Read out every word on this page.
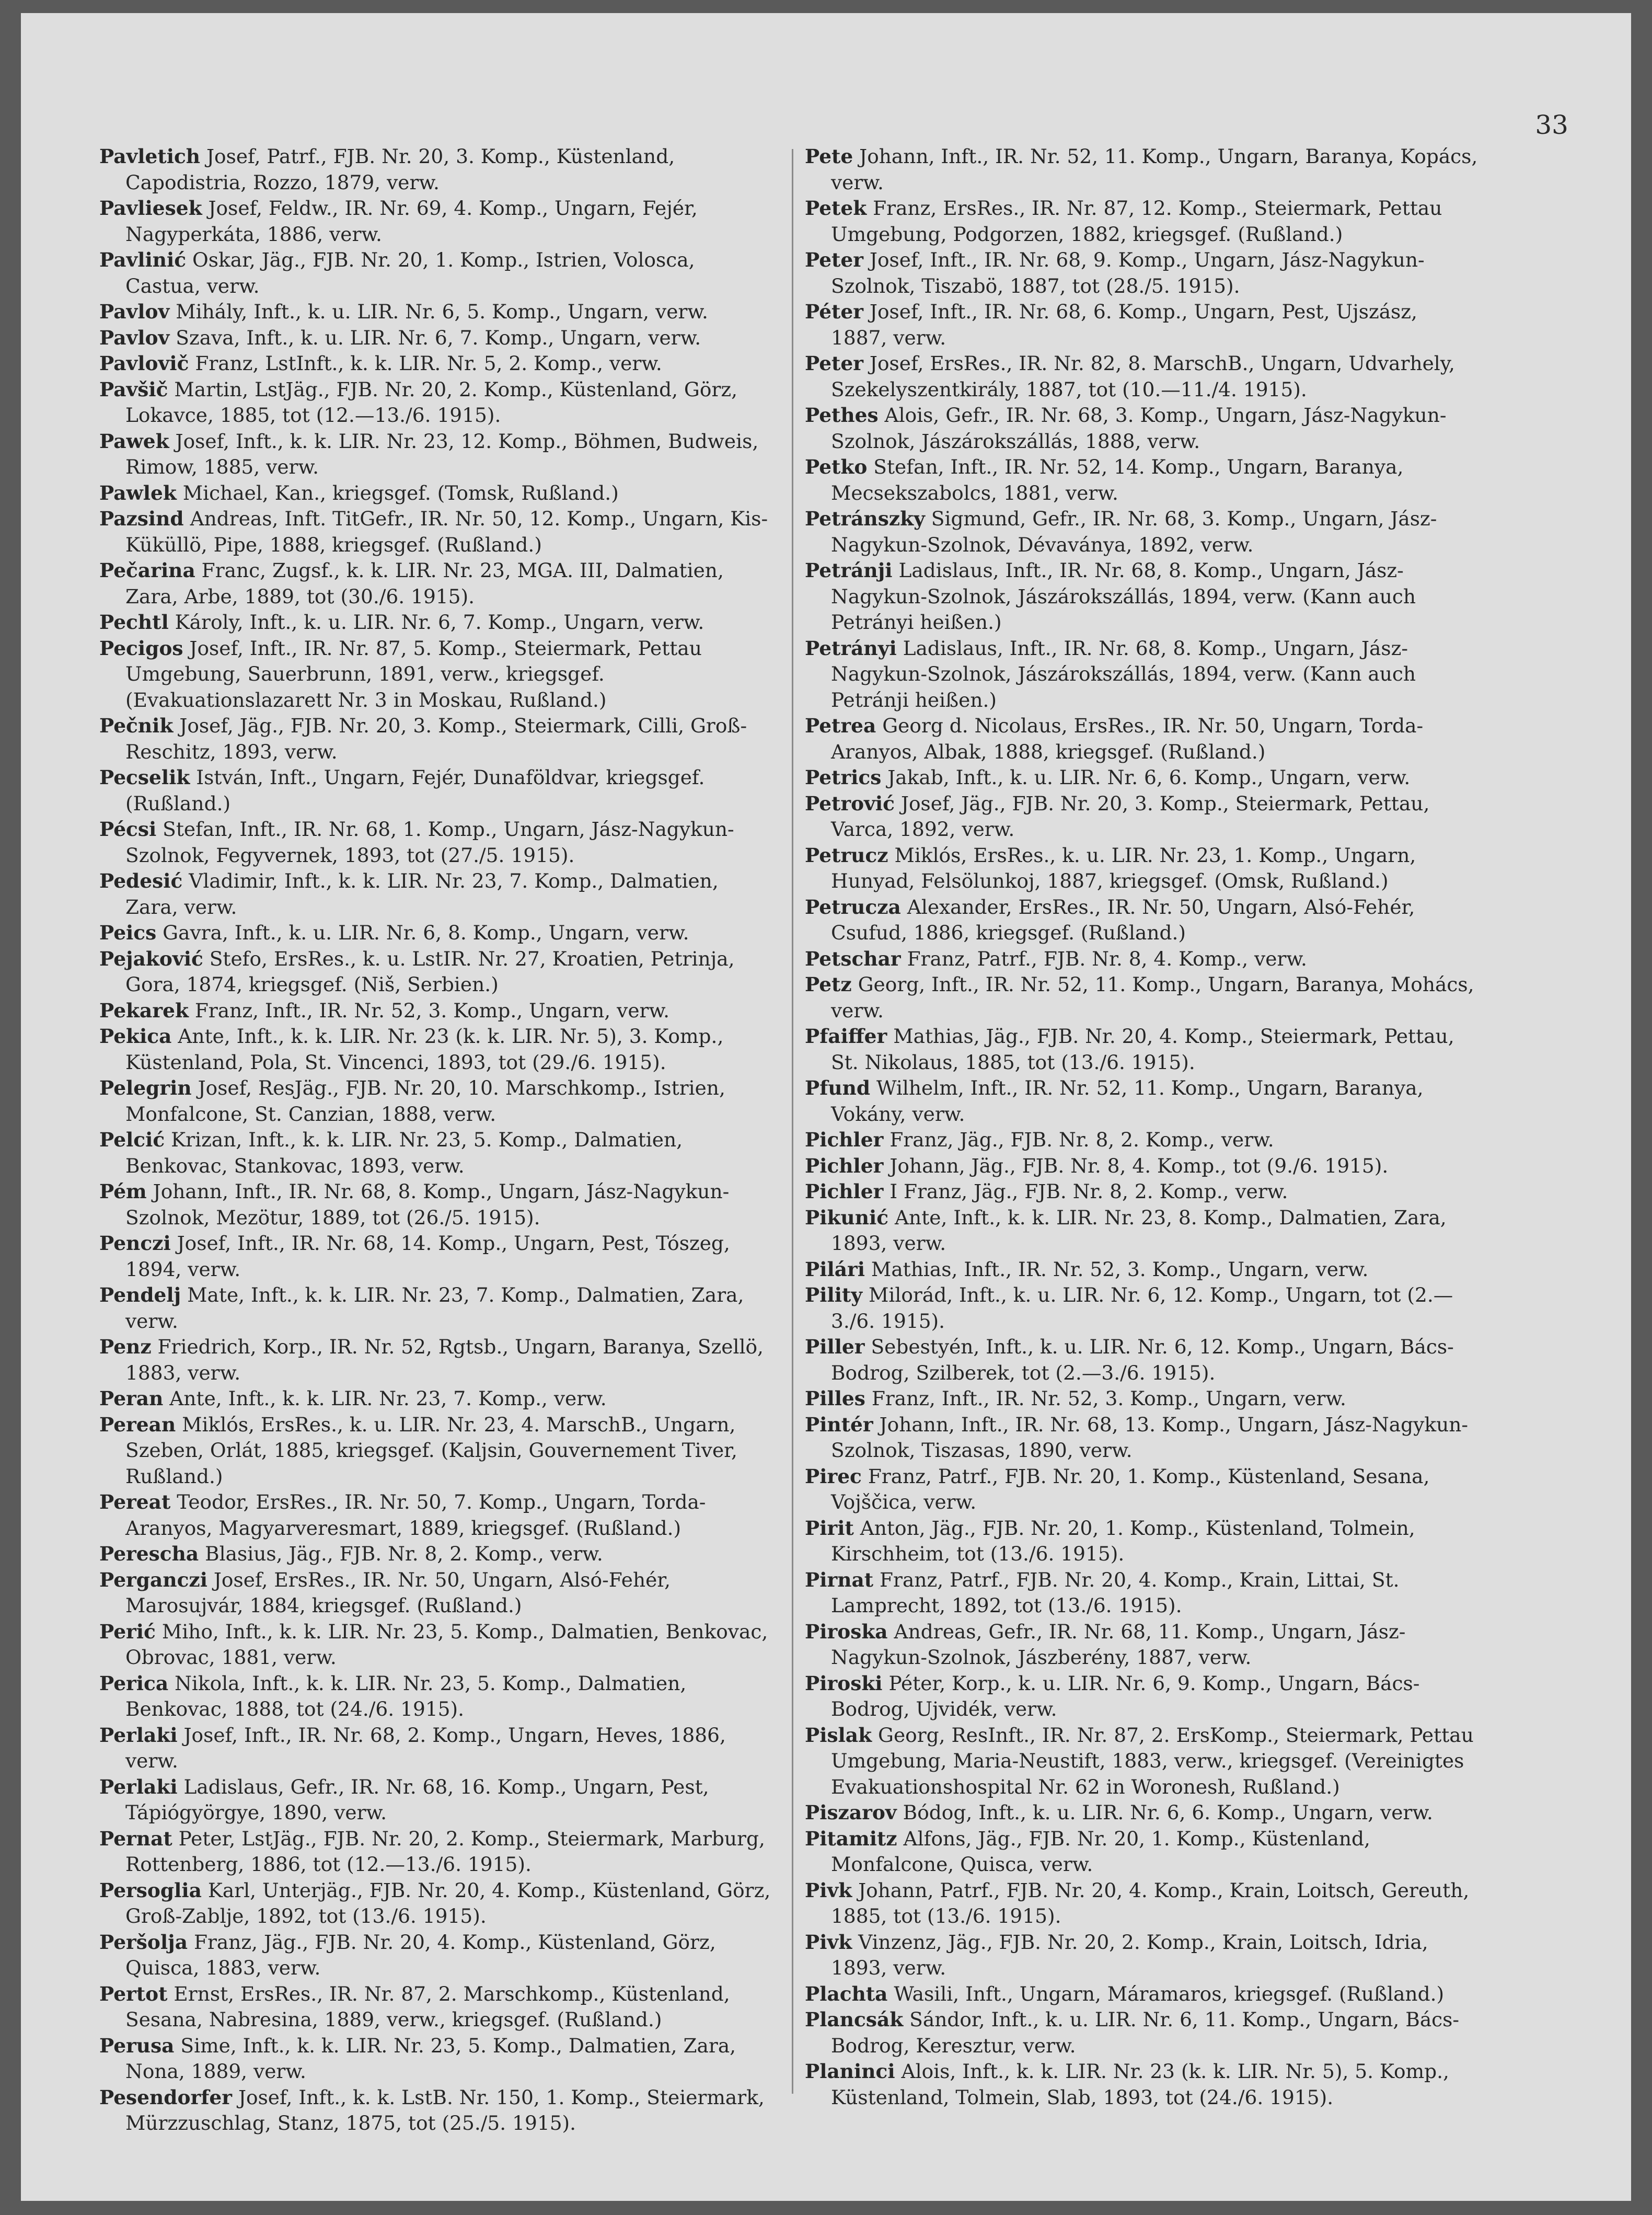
33
Pavletich Josef, Patrf., FJB. Nr. 20, 3. Komp., Küstenland, Capodistria, Rozzo, 1879, verw.
Pavliesek Josef, Feldw., IR. Nr. 69, 4. Komp., Ungarn, Fejér, Nagyperkáta, 1886, verw.
Pavlinić Oskar, Jäg., FJB. Nr. 20, 1. Komp., Istrien, Volosca, Castua, verw.
Pavlov Mihály, Inft., k. u. LIR. Nr. 6, 5. Komp., Ungarn, verw.
Pavlov Szava, Inft., k. u. LIR. Nr. 6, 7. Komp., Ungarn, verw.
Pavlovič Franz, LstInft., k. k. LIR. Nr. 5, 2. Komp., verw.
Pavšič Martin, LstJäg., FJB. Nr. 20, 2. Komp., Küstenland, Görz, Lokavce, 1885, tot (12.—13./6. 1915).
Pawek Josef, Inft., k. k. LIR. Nr. 23, 12. Komp., Böhmen, Budweis, Rimow, 1885, verw.
Pawlek Michael, Kan., kriegsgef. (Tomsk, Rußland.)
Pazsind Andreas, Inft. TitGefr., IR. Nr. 50, 12. Komp., Ungarn, Kis-Küküllö, Pipe, 1888, kriegsgef. (Rußland.)
Pečarina Franc, Zugsf., k. k. LIR. Nr. 23, MGA. III, Dalmatien, Zara, Arbe, 1889, tot (30./6. 1915).
Pechtl Károly, Inft., k. u. LIR. Nr. 6, 7. Komp., Ungarn, verw.
Pecigos Josef, Inft., IR. Nr. 87, 5. Komp., Steiermark, Pettau Umgebung, Sauerbrunn, 1891, verw., kriegsgef. (Evakuationslazarett Nr. 3 in Moskau, Rußland.)
Pečnik Josef, Jäg., FJB. Nr. 20, 3. Komp., Steiermark, Cilli, Groß-Reschitz, 1893, verw.
Pecselik István, Inft., Ungarn, Fejér, Dunaföldvar, kriegsgef. (Rußland.)
Pécsi Stefan, Inft., IR. Nr. 68, 1. Komp., Ungarn, Jász-Nagykun-Szolnok, Fegyvernek, 1893, tot (27./5. 1915).
Pedesić Vladimir, Inft., k. k. LIR. Nr. 23, 7. Komp., Dalmatien, Zara, verw.
Peics Gavra, Inft., k. u. LIR. Nr. 6, 8. Komp., Ungarn, verw.
Pejaković Stefo, ErsRes., k. u. LstIR. Nr. 27, Kroatien, Petrinja, Gora, 1874, kriegsgef. (Niš, Serbien.)
Pekarek Franz, Inft., IR. Nr. 52, 3. Komp., Ungarn, verw.
Pekica Ante, Inft., k. k. LIR. Nr. 23 (k. k. LIR. Nr. 5), 3. Komp., Küstenland, Pola, St. Vincenci, 1893, tot (29./6. 1915).
Pelegrin Josef, ResJäg., FJB. Nr. 20, 10. Marschkomp., Istrien, Monfalcone, St. Canzian, 1888, verw.
Pelcić Krizan, Inft., k. k. LIR. Nr. 23, 5. Komp., Dalmatien, Benkovac, Stankovac, 1893, verw.
Pém Johann, Inft., IR. Nr. 68, 8. Komp., Ungarn, Jász-Nagykun-Szolnok, Mezötur, 1889, tot (26./5. 1915).
Penczi Josef, Inft., IR. Nr. 68, 14. Komp., Ungarn, Pest, Tószeg, 1894, verw.
Pendelj Mate, Inft., k. k. LIR. Nr. 23, 7. Komp., Dalmatien, Zara, verw.
Penz Friedrich, Korp., IR. Nr. 52, Rgtsb., Ungarn, Baranya, Szellö, 1883, verw.
Peran Ante, Inft., k. k. LIR. Nr. 23, 7. Komp., verw.
Perean Miklós, ErsRes., k. u. LIR. Nr. 23, 4. MarschB., Ungarn, Szeben, Orlát, 1885, kriegsgef. (Kaljsin, Gouvernement Tiver, Rußland.)
Pereat Teodor, ErsRes., IR. Nr. 50, 7. Komp., Ungarn, Torda-Aranyos, Magyarveresmart, 1889, kriegsgef. (Rußland.)
Perescha Blasius, Jäg., FJB. Nr. 8, 2. Komp., verw.
Perganczi Josef, ErsRes., IR. Nr. 50, Ungarn, Alsó-Fehér, Marosujvár, 1884, kriegsgef. (Rußland.)
Perić Miho, Inft., k. k. LIR. Nr. 23, 5. Komp., Dalmatien, Benkovac, Obrovac, 1881, verw.
Perica Nikola, Inft., k. k. LIR. Nr. 23, 5. Komp., Dalmatien, Benkovac, 1888, tot (24./6. 1915).
Perlaki Josef, Inft., IR. Nr. 68, 2. Komp., Ungarn, Heves, 1886, verw.
Perlaki Ladislaus, Gefr., IR. Nr. 68, 16. Komp., Ungarn, Pest, Tápiógyörgye, 1890, verw.
Pernat Peter, LstJäg., FJB. Nr. 20, 2. Komp., Steiermark, Marburg, Rottenberg, 1886, tot (12.—13./6. 1915).
Persoglia Karl, Unterjäg., FJB. Nr. 20, 4. Komp., Küstenland, Görz, Groß-Zablje, 1892, tot (13./6. 1915).
Peršolja Franz, Jäg., FJB. Nr. 20, 4. Komp., Küstenland, Görz, Quisca, 1883, verw.
Pertot Ernst, ErsRes., IR. Nr. 87, 2. Marschkomp., Küstenland, Sesana, Nabresina, 1889, verw., kriegsgef. (Rußland.)
Perusa Sime, Inft., k. k. LIR. Nr. 23, 5. Komp., Dalmatien, Zara, Nona, 1889, verw.
Pesendorfer Josef, Inft., k. k. LstB. Nr. 150, 1. Komp., Steiermark, Mürzzuschlag, Stanz, 1875, tot (25./5. 1915).
Pete Johann, Inft., IR. Nr. 52, 11. Komp., Ungarn, Baranya, Kopács, verw.
Petek Franz, ErsRes., IR. Nr. 87, 12. Komp., Steiermark, Pettau Umgebung, Podgorzen, 1882, kriegsgef. (Rußland.)
Peter Josef, Inft., IR. Nr. 68, 9. Komp., Ungarn, Jász-Nagykun-Szolnok, Tiszabö, 1887, tot (28./5. 1915).
Péter Josef, Inft., IR. Nr. 68, 6. Komp., Ungarn, Pest, Ujszász, 1887, verw.
Peter Josef, ErsRes., IR. Nr. 82, 8. MarschB., Ungarn, Udvarhely, Szekelyszentkirály, 1887, tot (10.—11./4. 1915).
Pethes Alois, Gefr., IR. Nr. 68, 3. Komp., Ungarn, Jász-Nagykun-Szolnok, Jászárokszállás, 1888, verw.
Petko Stefan, Inft., IR. Nr. 52, 14. Komp., Ungarn, Baranya, Mecsekszabolcs, 1881, verw.
Petránszky Sigmund, Gefr., IR. Nr. 68, 3. Komp., Ungarn, Jász-Nagykun-Szolnok, Dévaványa, 1892, verw.
Petránji Ladislaus, Inft., IR. Nr. 68, 8. Komp., Ungarn, Jász-Nagykun-Szolnok, Jászárokszállás, 1894, verw. (Kann auch Petrányi heißen.)
Petrányi Ladislaus, Inft., IR. Nr. 68, 8. Komp., Ungarn, Jász-Nagykun-Szolnok, Jászárokszállás, 1894, verw. (Kann auch Petránji heißen.)
Petrea Georg d. Nicolaus, ErsRes., IR. Nr. 50, Ungarn, Torda-Aranyos, Albak, 1888, kriegsgef. (Rußland.)
Petrics Jakab, Inft., k. u. LIR. Nr. 6, 6. Komp., Ungarn, verw.
Petrović Josef, Jäg., FJB. Nr. 20, 3. Komp., Steiermark, Pettau, Varca, 1892, verw.
Petrucz Miklós, ErsRes., k. u. LIR. Nr. 23, 1. Komp., Ungarn, Hunyad, Felsölunkoj, 1887, kriegsgef. (Omsk, Rußland.)
Petrucza Alexander, ErsRes., IR. Nr. 50, Ungarn, Alsó-Fehér, Csufud, 1886, kriegsgef. (Rußland.)
Petschar Franz, Patrf., FJB. Nr. 8, 4. Komp., verw.
Petz Georg, Inft., IR. Nr. 52, 11. Komp., Ungarn, Baranya, Mohács, verw.
Pfaiffer Mathias, Jäg., FJB. Nr. 20, 4. Komp., Steiermark, Pettau, St. Nikolaus, 1885, tot (13./6. 1915).
Pfund Wilhelm, Inft., IR. Nr. 52, 11. Komp., Ungarn, Baranya, Vokány, verw.
Pichler Franz, Jäg., FJB. Nr. 8, 2. Komp., verw.
Pichler Johann, Jäg., FJB. Nr. 8, 4. Komp., tot (9./6. 1915).
Pichler I Franz, Jäg., FJB. Nr. 8, 2. Komp., verw.
Pikunić Ante, Inft., k. k. LIR. Nr. 23, 8. Komp., Dalmatien, Zara, 1893, verw.
Pilári Mathias, Inft., IR. Nr. 52, 3. Komp., Ungarn, verw.
Pility Milorád, Inft., k. u. LIR. Nr. 6, 12. Komp., Ungarn, tot (2.—3./6. 1915).
Piller Sebestyén, Inft., k. u. LIR. Nr. 6, 12. Komp., Ungarn, Bács-Bodrog, Szilberek, tot (2.—3./6. 1915).
Pilles Franz, Inft., IR. Nr. 52, 3. Komp., Ungarn, verw.
Pintér Johann, Inft., IR. Nr. 68, 13. Komp., Ungarn, Jász-Nagykun-Szolnok, Tiszasas, 1890, verw.
Pirec Franz, Patrf., FJB. Nr. 20, 1. Komp., Küstenland, Sesana, Vojščica, verw.
Pirit Anton, Jäg., FJB. Nr. 20, 1. Komp., Küstenland, Tolmein, Kirschheim, tot (13./6. 1915).
Pirnat Franz, Patrf., FJB. Nr. 20, 4. Komp., Krain, Littai, St. Lamprecht, 1892, tot (13./6. 1915).
Piroska Andreas, Gefr., IR. Nr. 68, 11. Komp., Ungarn, Jász-Nagykun-Szolnok, Jászberény, 1887, verw.
Piroski Péter, Korp., k. u. LIR. Nr. 6, 9. Komp., Ungarn, Bács-Bodrog, Ujvidék, verw.
Pislak Georg, ResInft., IR. Nr. 87, 2. ErsKomp., Steiermark, Pettau Umgebung, Maria-Neustift, 1883, verw., kriegsgef. (Vereinigtes Evakuationshospital Nr. 62 in Woronesh, Rußland.)
Piszarov Bódog, Inft., k. u. LIR. Nr. 6, 6. Komp., Ungarn, verw.
Pitamitz Alfons, Jäg., FJB. Nr. 20, 1. Komp., Küstenland, Monfalcone, Quisca, verw.
Pivk Johann, Patrf., FJB. Nr. 20, 4. Komp., Krain, Loitsch, Gereuth, 1885, tot (13./6. 1915).
Pivk Vinzenz, Jäg., FJB. Nr. 20, 2. Komp., Krain, Loitsch, Idria, 1893, verw.
Plachta Wasili, Inft., Ungarn, Máramaros, kriegsgef. (Rußland.)
Plancsák Sándor, Inft., k. u. LIR. Nr. 6, 11. Komp., Ungarn, Bács-Bodrog, Keresztur, verw.
Planinci Alois, Inft., k. k. LIR. Nr. 23 (k. k. LIR. Nr. 5), 5. Komp., Küstenland, Tolmein, Slab, 1893, tot (24./6. 1915).
